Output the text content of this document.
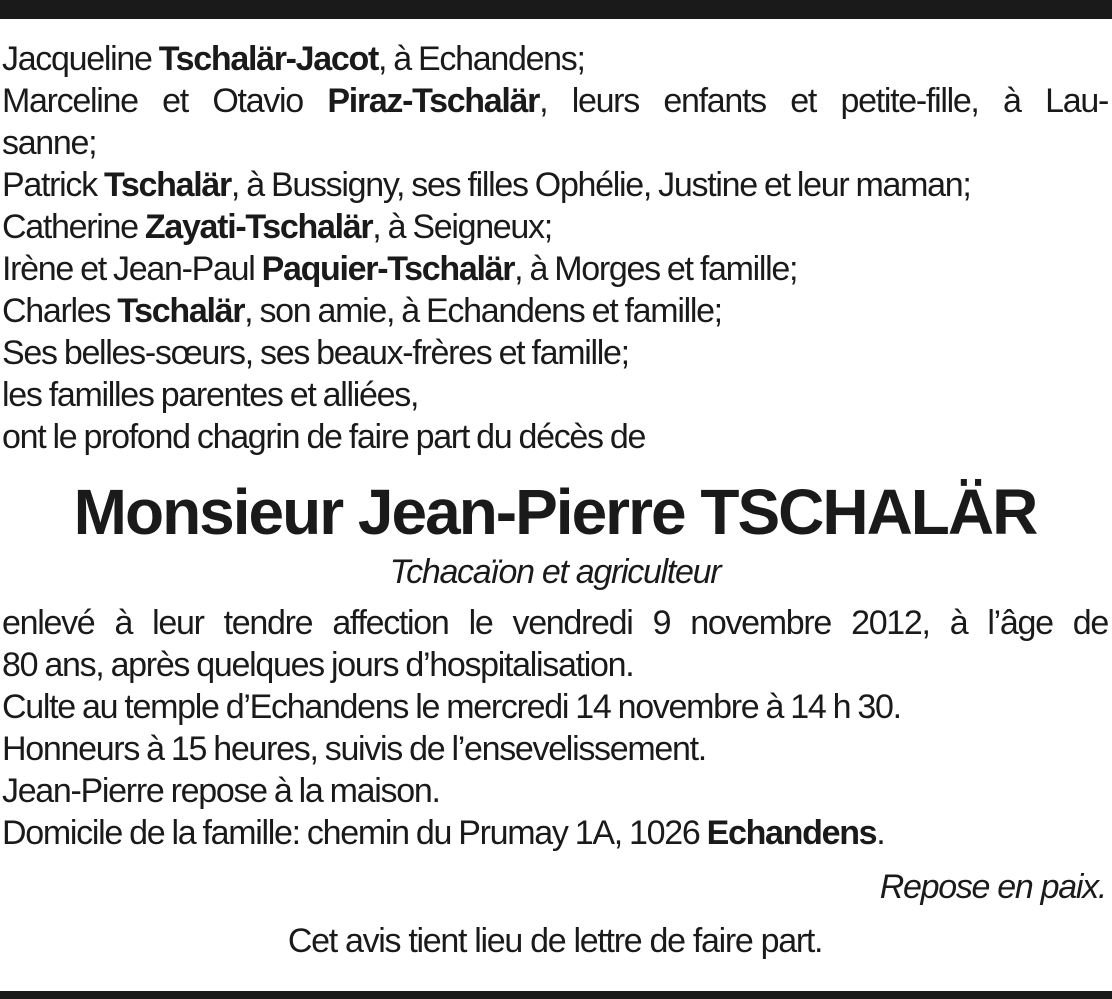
Jacqueline Tschalär-Jacot, à Echandens;
Marceline et Otavio Piraz-Tschalär, leurs enfants et petite-fille, à Lau-
sanne;
Patrick Tschalär, à Bussigny, ses filles Ophélie, Justine et leur maman;
Catherine Zayati-Tschalär, à Seigneux;
Irène et Jean-Paul Paquier-Tschalär, à Morges et famille;
Charles Tschalär, son amie, à Echandens et famille;
Ses belles-sœurs, ses beaux-frères et famille;
les familles parentes et alliées,
ont le profond chagrin de faire part du décès de
Monsieur Jean-Pierre TSCHALÄR
Tchacaïon et agriculteur
enlevé à leur tendre affection le vendredi 9 novembre 2012, à l’âge de
80 ans, après quelques jours d’hospitalisation.
Culte au temple d’Echandens le mercredi 14 novembre à 14 h 30.
Honneurs à 15 heures, suivis de l’ensevelissement.
Jean-Pierre repose à la maison.
Domicile de la famille: chemin du Prumay 1A, 1026 Echandens.
Repose en paix.
Cet avis tient lieu de lettre de faire part.
